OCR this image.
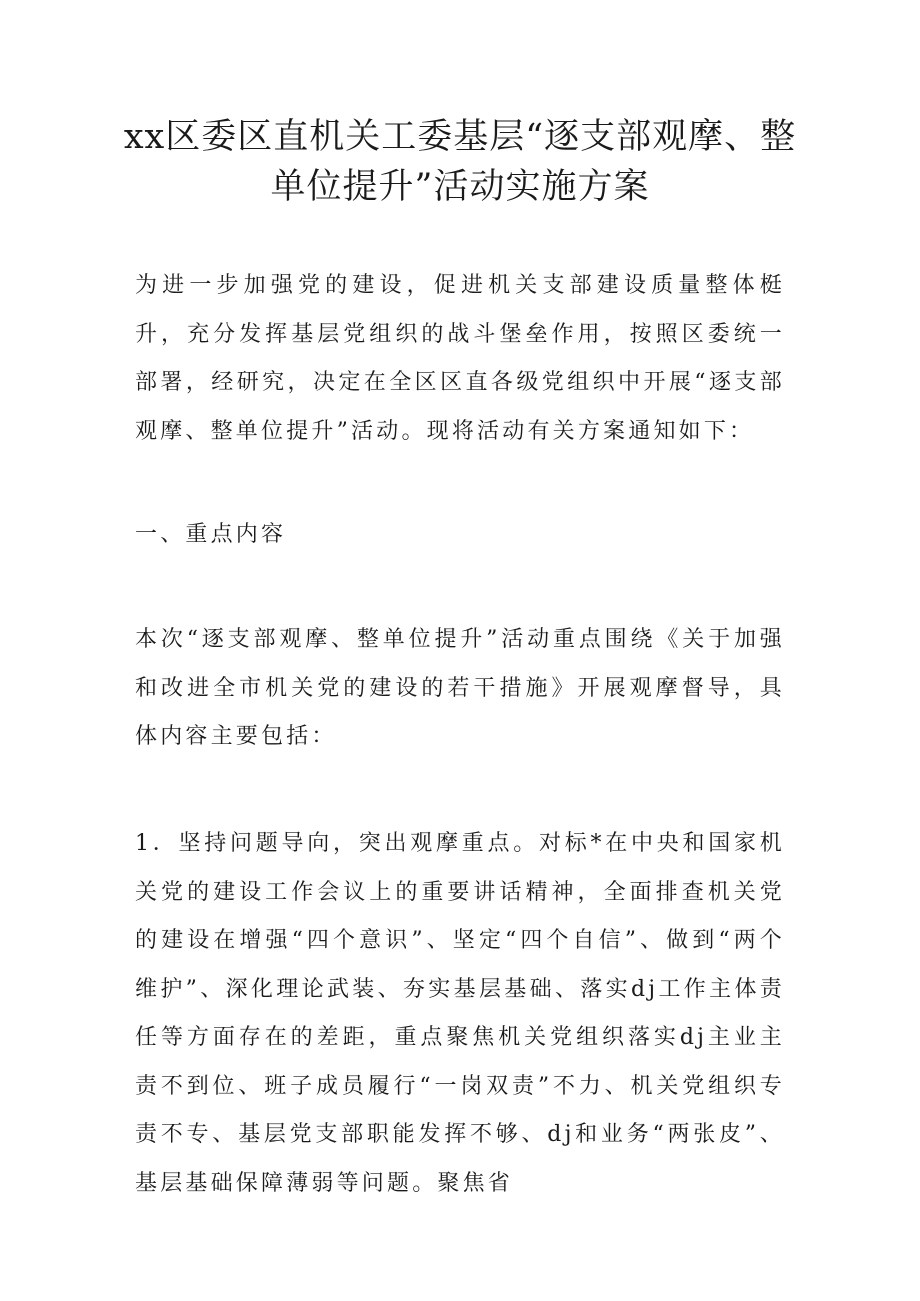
xx区委区直机关工委基层“逐支部观摩、整
单位提升”活动实施方案

为进一步加强党的建设，促进机关支部建设质量整体梃升，充分发挥基层党组织的战斗堡垒作用，按照区委统一部署，经研究，决定在全区区直各级党组织中开展“逐支部观摩、整单位提升”活动。现将活动有关方案通知如下：

一、重点内容

本次“逐支部观摩、整单位提升”活动重点围绕《关于加强和改进全市机关党的建设的若干措施》开展观摩督导，具体内容主要包括：

1．坚持问题导向，突出观摩重点。对标*在中央和国家机关党的建设工作会议上的重要讲话精神，全面排查机关党的建设在增强“四个意识”、坚定“四个自信”、做到“两个维护”、深化理论武装、夯实基层基础、落实dj工作主体责任等方面存在的差距，重点聚焦机关党组织落实dj主业主责不到位、班子成员履行“一岗双责”不力、机关党组织专责不专、基层党支部职能发挥不够、dj和业务“两张皮”、基层基础保障薄弱等问题。聚焦省
